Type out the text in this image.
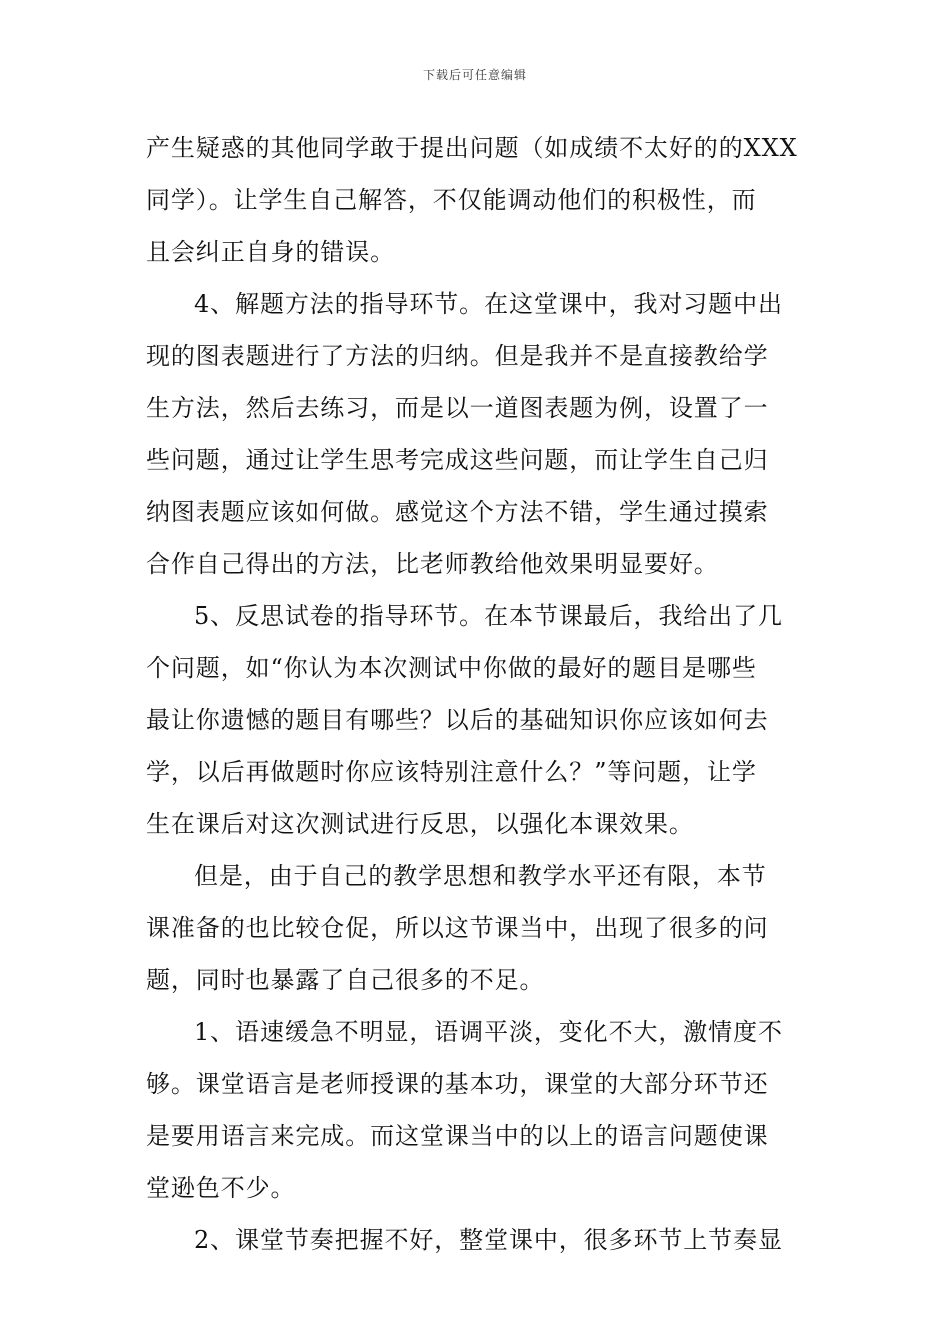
下载后可任意编辑
产生疑惑的其他同学敢于提出问题（如成绩不太好的的XXX
同学）。让学生自己解答，不仅能调动他们的积极性，而
且会纠正自身的错误。
4、解题方法的指导环节。在这堂课中，我对习题中出
现的图表题进行了方法的归纳。但是我并不是直接教给学
生方法，然后去练习，而是以一道图表题为例，设置了一
些问题，通过让学生思考完成这些问题，而让学生自己归
纳图表题应该如何做。感觉这个方法不错，学生通过摸索
合作自己得出的方法，比老师教给他效果明显要好。
5、反思试卷的指导环节。在本节课最后，我给出了几
个问题，如“你认为本次测试中你做的最好的题目是哪些
最让你遗憾的题目有哪些？以后的基础知识你应该如何去
学，以后再做题时你应该特别注意什么？”等问题，让学
生在课后对这次测试进行反思，以强化本课效果。
但是，由于自己的教学思想和教学水平还有限，本节
课准备的也比较仓促，所以这节课当中，出现了很多的问
题，同时也暴露了自己很多的不足。
1、语速缓急不明显，语调平淡，变化不大，激情度不
够。课堂语言是老师授课的基本功，课堂的大部分环节还
是要用语言来完成。而这堂课当中的以上的语言问题使课
堂逊色不少。
2、课堂节奏把握不好，整堂课中，很多环节上节奏显
